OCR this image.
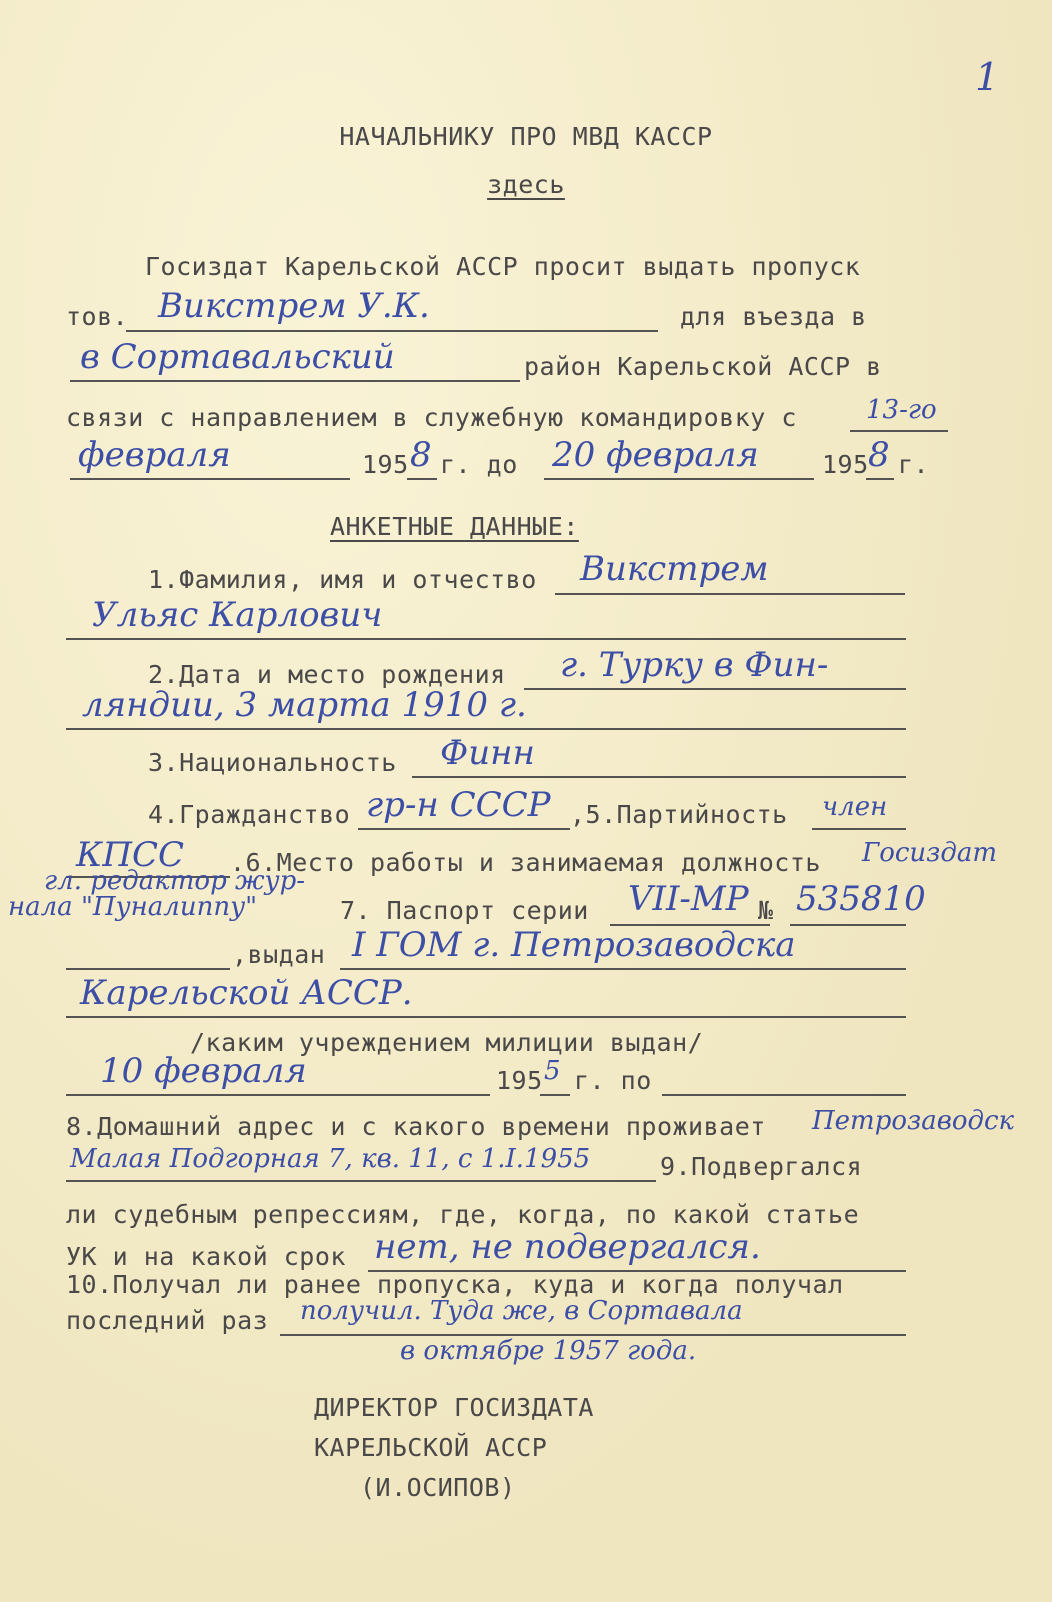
1
НАЧАЛЬНИКУ ПРО МВД КАССР
здесь
Госиздат Карельской АССР просит выдать пропуск
тов. Викстрем У.К.	для въезда в
в Сортавальский	район Карельской АССР в
связи с направлением в служебную командировку с	13-го
февраля	195 8 г. до 20 февраля	195 8 г.
АНКЕТНЫЕ ДАННЫЕ:
1.Фамилия, имя и отчество Викстрем
Ульяс Карлович
2.Дата и место рождения г. Турку в Фин-
ляндии, 3 марта 1910 г.
3.Национальность Финн
4.Гражданство гр-н СССР ,5.Партийность член
КПСС .6.Место работы и занимаемая должность Госиздат
гл. редактор жур-
нала "Пуналиппу"	7. Паспорт серии VII-МР № 535810
,выдан I ГОМ г. Петрозаводска
Карельской АССР.
/каким учреждением милиции выдан/
10 февраля	195 5 г. по
8.Домашний адрес и с какого времени проживает Петрозаводск
Малая Подгорная 7, кв. 11, с 1.I.1955	9.Подвергался
ли судебным репрессиям, где, когда, по какой статье
УК и на какой срок нет, не подвергался.
10.Получал ли ранее пропуска, куда и когда получал
последний раз получил. Туда же, в Сортавала
в октябре 1957 года.
ДИРЕКТОР ГОСИЗДАТА
КАРЕЛЬСКОЙ АССР
(И.ОСИПОВ)
